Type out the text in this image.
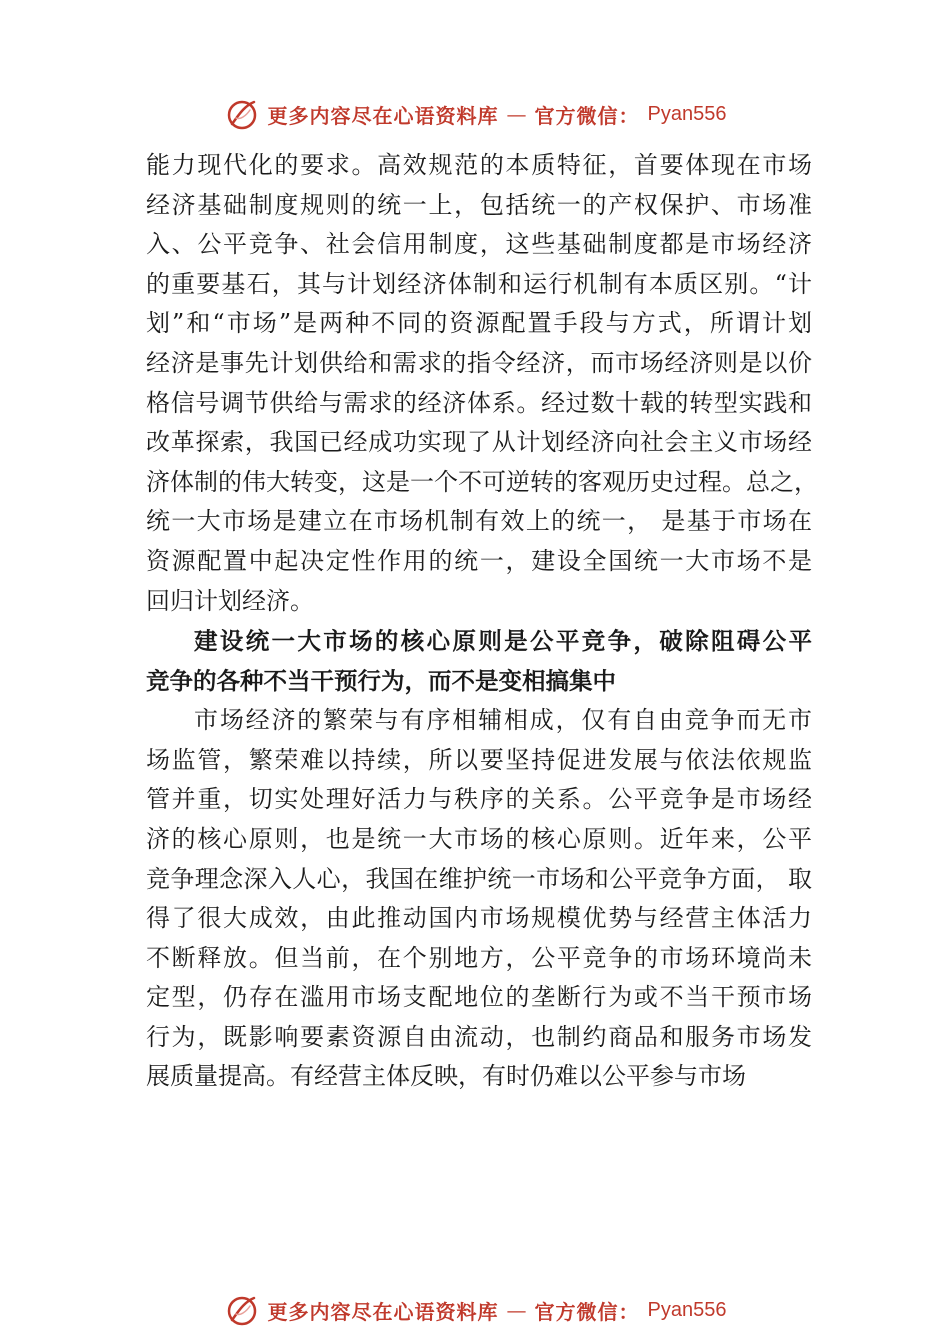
更多内容尽在心语资料库 — 官方微信： Pyan556
能力现代化的要求。高效规范的本质特征，首要体现在市场
经济基础制度规则的统一上，包括统一的产权保护、市场准
入、公平竞争、社会信用制度，这些基础制度都是市场经济
的重要基石，其与计划经济体制和运行机制有本质区别。“计
划”和“市场”是两种不同的资源配置手段与方式，所谓计划
经济是事先计划供给和需求的指令经济，而市场经济则是以价
格信号调节供给与需求的经济体系。经过数十载的转型实践和
改革探索，我国已经成功实现了从计划经济向社会主义市场经
济体制的伟大转变，这是一个不可逆转的客观历史过程。总之，
统一大市场是建立在市场机制有效上的统一， 是基于市场在
资源配置中起决定性作用的统一，建设全国统一大市场不是
回归计划经济。
建设统一大市场的核心原则是公平竞争，破除阻碍公平
竞争的各种不当干预行为，而不是变相搞集中
市场经济的繁荣与有序相辅相成，仅有自由竞争而无市
场监管，繁荣难以持续，所以要坚持促进发展与依法依规监
管并重，切实处理好活力与秩序的关系。公平竞争是市场经
济的核心原则，也是统一大市场的核心原则。近年来，公平
竞争理念深入人心，我国在维护统一市场和公平竞争方面， 取
得了很大成效，由此推动国内市场规模优势与经营主体活力
不断释放。但当前，在个别地方，公平竞争的市场环境尚未
定型，仍存在滥用市场支配地位的垄断行为或不当干预市场
行为，既影响要素资源自由流动，也制约商品和服务市场发
展质量提高。有经营主体反映，有时仍难以公平参与市场
更多内容尽在心语资料库 — 官方微信： Pyan556
